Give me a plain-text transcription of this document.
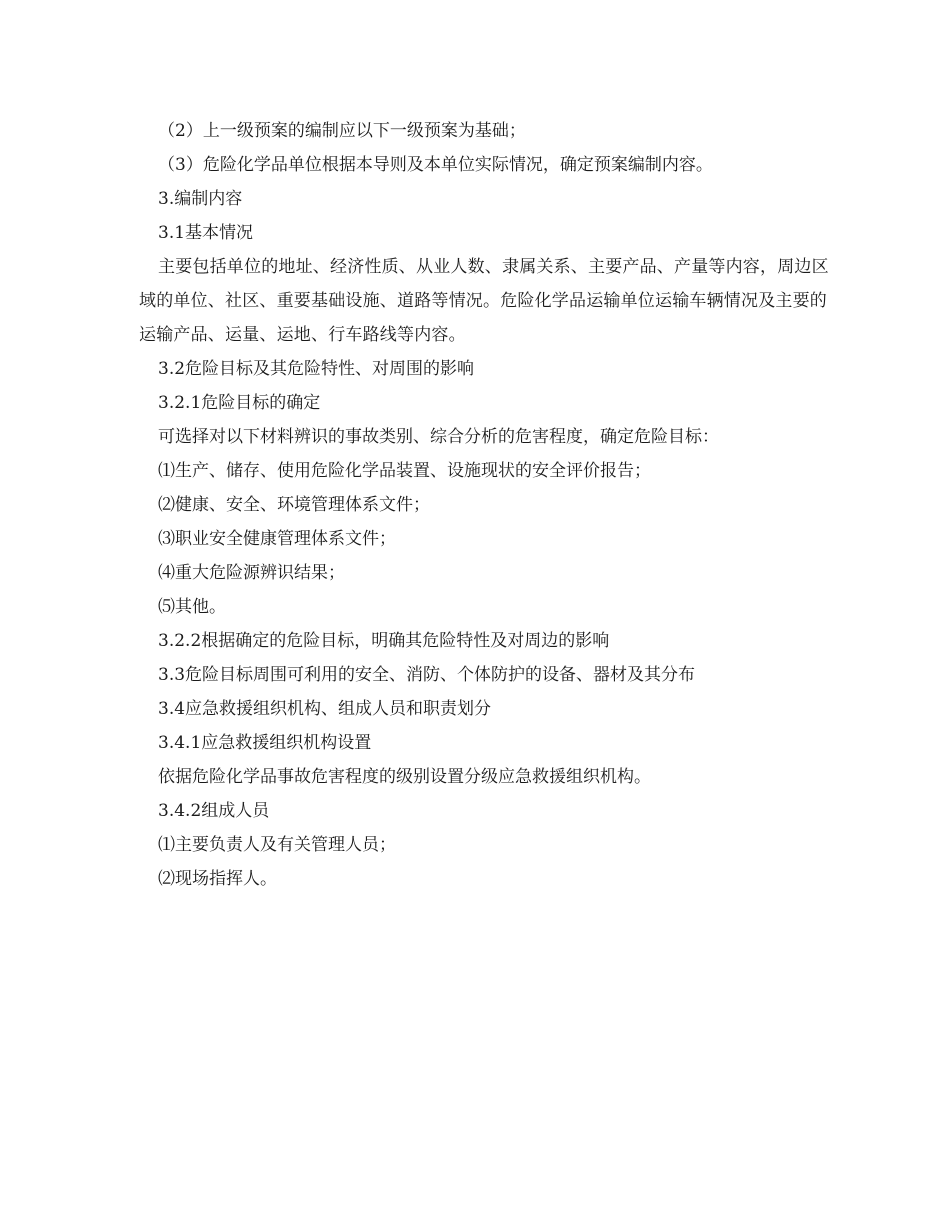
（2）上一级预案的编制应以下一级预案为基础；
（3）危险化学品单位根据本导则及本单位实际情况，确定预案编制内容。
3.编制内容
3.1基本情况
主要包括单位的地址、经济性质、从业人数、隶属关系、主要产品、产量等内容，周边区域的单位、社区、重要基础设施、道路等情况。危险化学品运输单位运输车辆情况及主要的运输产品、运量、运地、行车路线等内容。
3.2危险目标及其危险特性、对周围的影响
3.2.1危险目标的确定
可选择对以下材料辨识的事故类别、综合分析的危害程度，确定危险目标：
⑴生产、储存、使用危险化学品装置、设施现状的安全评价报告；
⑵健康、安全、环境管理体系文件；
⑶职业安全健康管理体系文件；
⑷重大危险源辨识结果；
⑸其他。
3.2.2根据确定的危险目标，明确其危险特性及对周边的影响
3.3危险目标周围可利用的安全、消防、个体防护的设备、器材及其分布
3.4应急救援组织机构、组成人员和职责划分
3.4.1应急救援组织机构设置
依据危险化学品事故危害程度的级别设置分级应急救援组织机构。
3.4.2组成人员
⑴主要负责人及有关管理人员；
⑵现场指挥人。
